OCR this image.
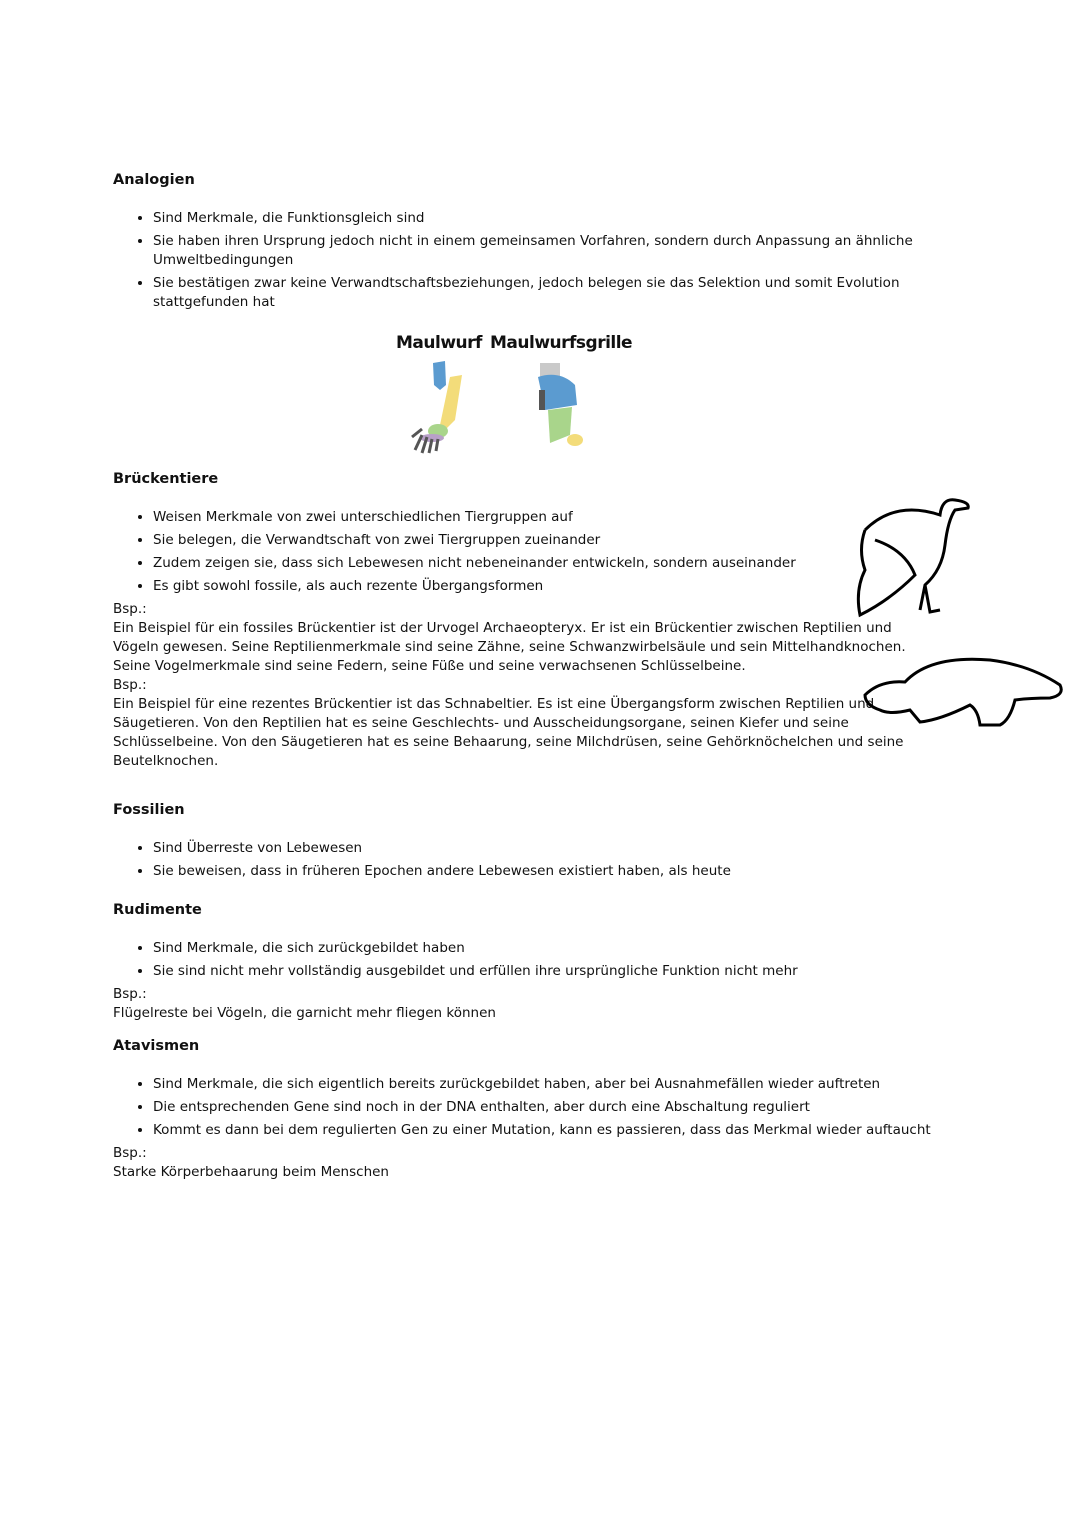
Analogien
• Sind Merkmale, die Funktionsgleich sind
• Sie haben ihren Ursprung jedoch nicht in einem gemeinsamen Vorfahren, sondern durch Anpassung an ähnliche Umweltbedingungen
• Sie bestätigen zwar keine Verwandtschaftsbeziehungen, jedoch belegen sie das Selektion und somit Evolution stattgefunden hat
Maulwurf Maulwurfsgrille
Brückentiere
• Weisen Merkmale von zwei unterschiedlichen Tiergruppen auf
• Sie belegen, die Verwandtschaft von zwei Tiergruppen zueinander
• Zudem zeigen sie, dass sich Lebewesen nicht nebeneinander entwickeln, sondern auseinander
• Es gibt sowohl fossile, als auch rezente Übergangsformen

Bsp.:

Ein Beispiel für ein fossiles Brückentier ist der Urvogel Archaeopteryx. Er ist ein Brückentier zwischen Reptilien und Vögeln gewesen. Seine Reptilienmerkmale sind seine Zähne, seine Schwanzwirbelsäule und sein Mittelhandknochen. Seine Vogelmerkmale sind seine Federn, seine Füße und seine verwachsenen Schlüsselbeine.

Bsp.:

Ein Beispiel für eine rezentes Brückentier ist das Schnabeltier. Es ist eine Übergangsform zwischen Reptilien und Säugetieren. Von den Reptilien hat es seine Geschlechts- und Ausscheidungsorgane, seinen Kiefer und seine Schlüsselbeine. Von den Säugetieren hat es seine Behaarung, seine Milchdrüsen, seine Gehörknöchelchen und seine Beutelknochen.

Fossilien
• Sind Überreste von Lebewesen
• Sie beweisen, dass in früheren Epochen andere Lebewesen existiert haben, als heute
Rudimente
• Sind Merkmale, die sich zurückgebildet haben
• Sie sind nicht mehr vollständig ausgebildet und erfüllen ihre ursprüngliche Funktion nicht mehr

Bsp.:

Flügelreste bei Vögeln, die garnicht mehr fliegen können

Atavismen
• Sind Merkmale, die sich eigentlich bereits zurückgebildet haben, aber bei Ausnahmefällen wieder auftreten
• Die entsprechenden Gene sind noch in der DNA enthalten, aber durch eine Abschaltung reguliert
• Kommt es dann bei dem regulierten Gen zu einer Mutation, kann es passieren, dass das Merkmal wieder auftaucht

Bsp.:

Starke Körperbehaarung beim Menschen
